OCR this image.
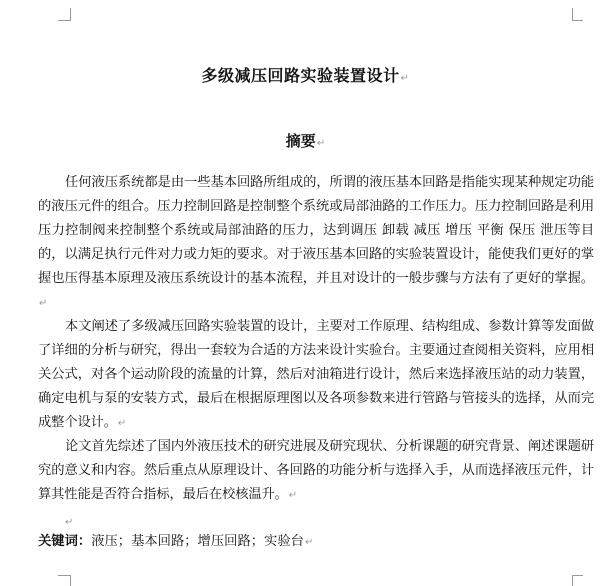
多级减压回路实验装置设计↵
摘要↵

任何液压系统都是由一些基本回路所组成的，所谓的液压基本回路是指能实现某种规定功能的液压元件的组合。压力控制回路是控制整个系统或局部油路的工作压力。压力控制回路是利用压力控制阀来控制整个系统或局部油路的压力，达到调压 卸载 减压 增压 平衡 保压 泄压等目的，以满足执行元件对力或力矩的要求。对于液压基本回路的实验装置设计，能使我们更好的掌握也压得基本原理及液压系统设计的基本流程，并且对设计的一般步骤与方法有了更好的掌握。↵

本文阐述了多级减压回路实验装置的设计，主要对工作原理、结构组成、参数计算等发面做了详细的分析与研究，得出一套较为合适的方法来设计实验台。主要通过查阅相关资料，应用相关公式，对各个运动阶段的流量的计算，然后对油箱进行设计，然后来选择液压站的动力装置，确定电机与泵的安装方式，最后在根据原理图以及各项参数来进行管路与管接头的选择，从而完成整个设计。↵

论文首先综述了国内外液压技术的研究进展及研究现状、分析课题的研究背景、阐述课题研究的意义和内容。然后重点从原理设计、各回路的功能分析与选择入手，从而选择液压元件，计算其性能是否符合指标，最后在校核温升。↵

↵

关键词：液压；基本回路；增压回路；实验台↵
